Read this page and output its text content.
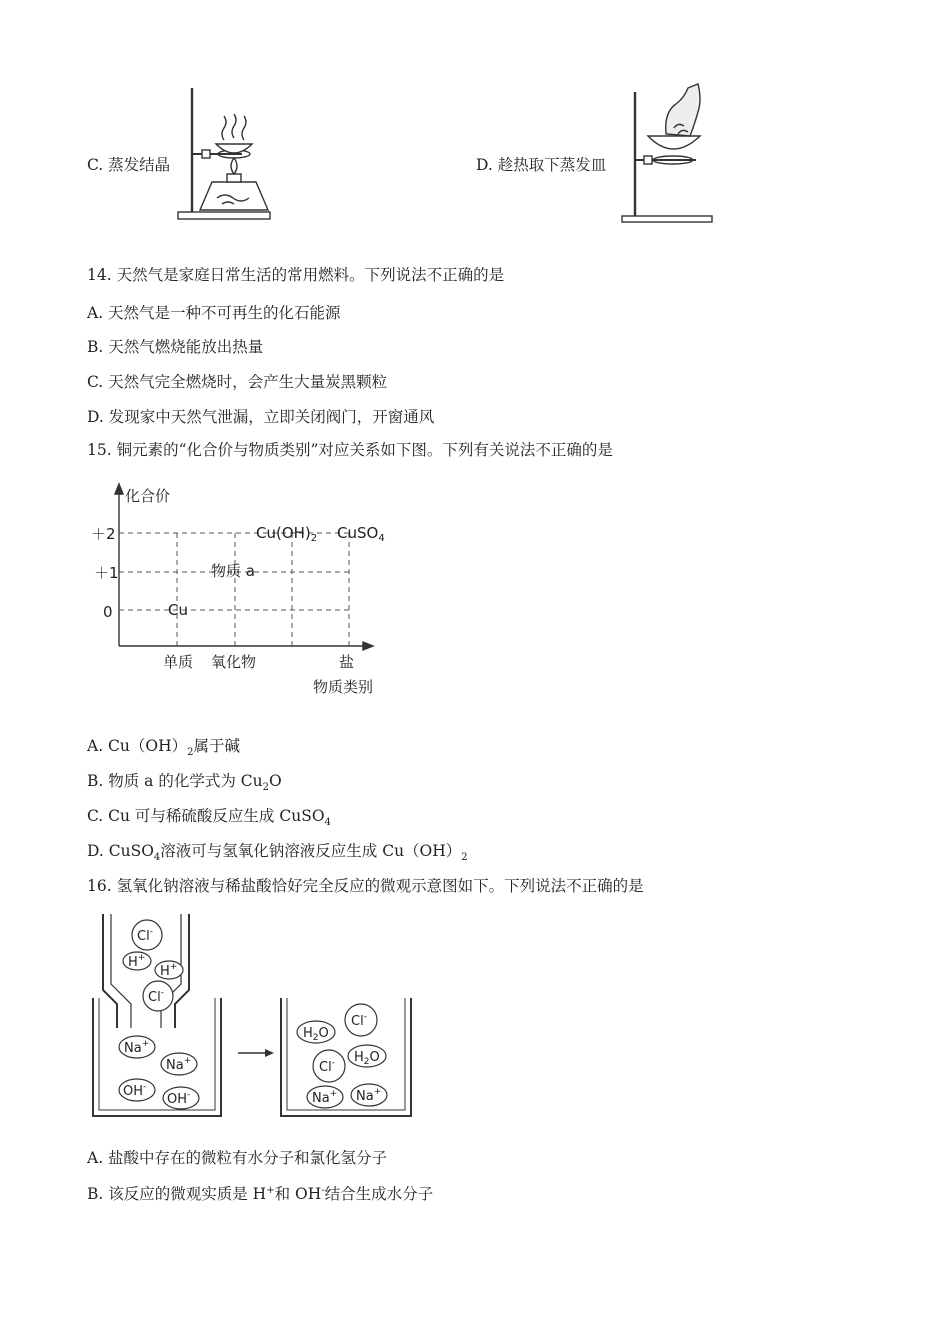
C. 蒸发结晶	D. 趁热取下蒸发皿
14. 天然气是家庭日常生活的常用燃料。下列说法不正确的是
A. 天然气是一种不可再生的化石能源
B. 天然气燃烧能放出热量
C. 天然气完全燃烧时，会产生大量炭黑颗粒
D. 发现家中天然气泄漏，立即关闭阀门，开窗通风
15. 铜元素的“化合价与物质类别”对应关系如下图。下列有关说法不正确的是
化合价
＋2
＋1
0
单质 氧化物	盐
物质类别
Cu
物质 a
$Cu(OH)_2$ CuSO$_4$
A. $Cu(OH)_2$属于碱
B. 物质 a 的化学式为 $Cu_2O$
C. Cu 可与稀硫酸反应生成 CuSO$_4$
D. CuSO$_4$溶液可与氢氧化钠溶液反应生成 $Cu(OH)_2$
16. 氢氧化钠溶液与稀盐酸恰好完全反应的微观示意图如下。下列说法不正确的是
Cl-
H+
H+
Cl-
Na+
Na+
OH-
OH-
$H_2O$
Cl-
$H_2O$
Cl-
Na+ Na+
A. 盐酸中存在的微粒有水分子和氯化氢分子
B. 该反应的微观实质是 H+和 OH-结合生成水分子
